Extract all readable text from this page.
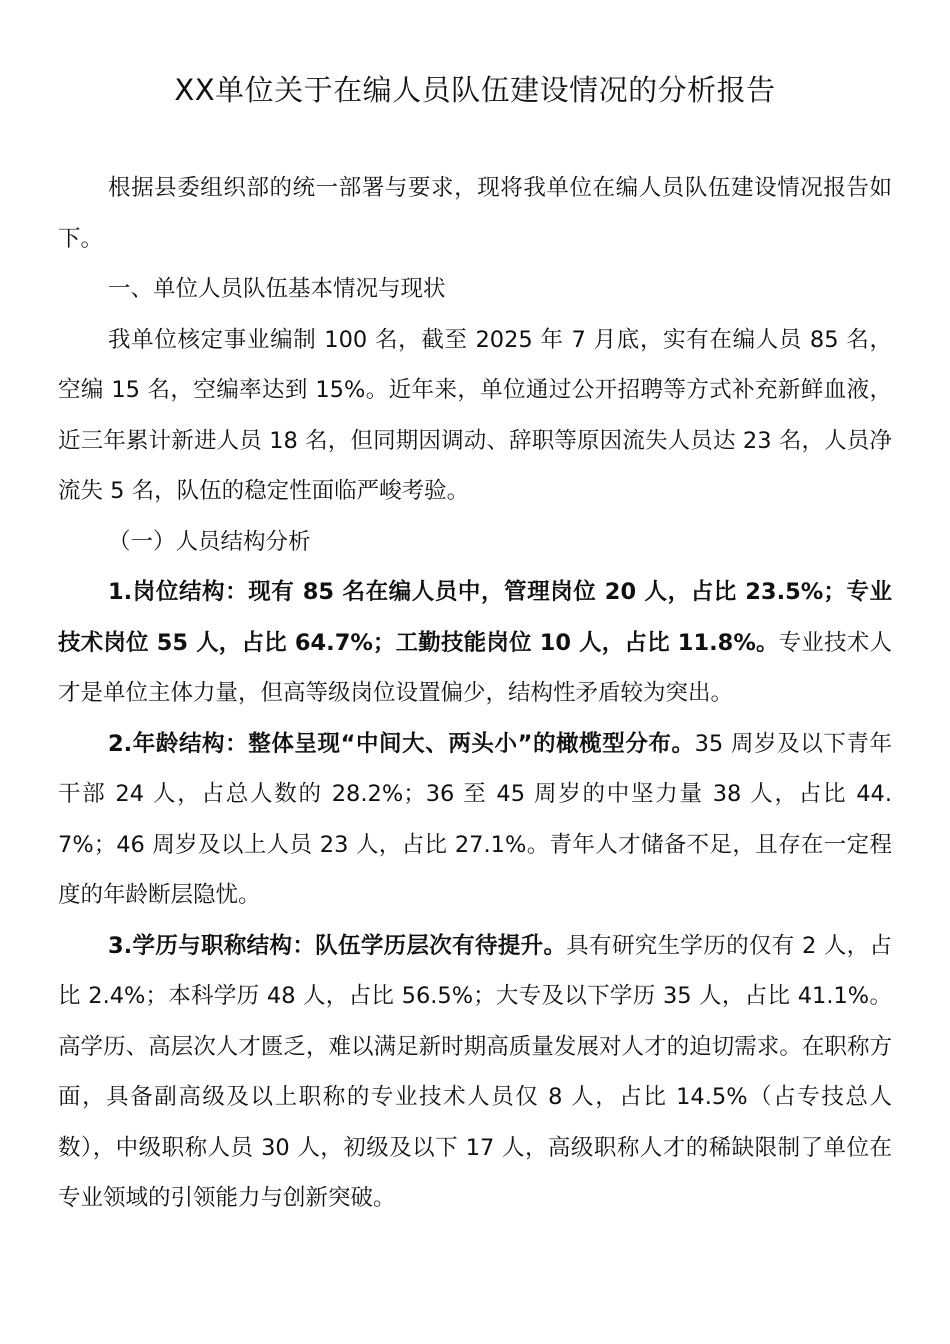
XX单位关于在编人员队伍建设情况的分析报告

根据县委组织部的统一部署与要求，现将我单位在编人员队伍建设情况报告如下。

一、单位人员队伍基本情况与现状

我单位核定事业编制 100 名，截至 2025 年 7 月底，实有在编人员 85 名，空编 15 名，空编率达到 15%。近年来，单位通过公开招聘等方式补充新鲜血液，近三年累计新进人员 18 名，但同期因调动、辞职等原因流失人员达 23 名，人员净流失 5 名，队伍的稳定性面临严峻考验。

（一）人员结构分析

1.岗位结构：现有 85 名在编人员中，管理岗位 20 人，占比 23.5%；专业技术岗位 55 人，占比 64.7%；工勤技能岗位 10 人，占比 11.8%。专业技术人才是单位主体力量，但高等级岗位设置偏少，结构性矛盾较为突出。

2.年龄结构：整体呈现“中间大、两头小”的橄榄型分布。35 周岁及以下青年干部 24 人，占总人数的 28.2%；36 至 45 周岁的中坚力量 38 人，占比 44.7%；46 周岁及以上人员 23 人，占比 27.1%。青年人才储备不足，且存在一定程度的年龄断层隐忧。

3.学历与职称结构：队伍学历层次有待提升。具有研究生学历的仅有 2 人，占比 2.4%；本科学历 48 人，占比 56.5%；大专及以下学历 35 人，占比 41.1%。高学历、高层次人才匮乏，难以满足新时期高质量发展对人才的迫切需求。在职称方面，具备副高级及以上职称的专业技术人员仅 8 人，占比 14.5%（占专技总人数），中级职称人员 30 人，初级及以下 17 人，高级职称人才的稀缺限制了单位在专业领域的引领能力与创新突破。
